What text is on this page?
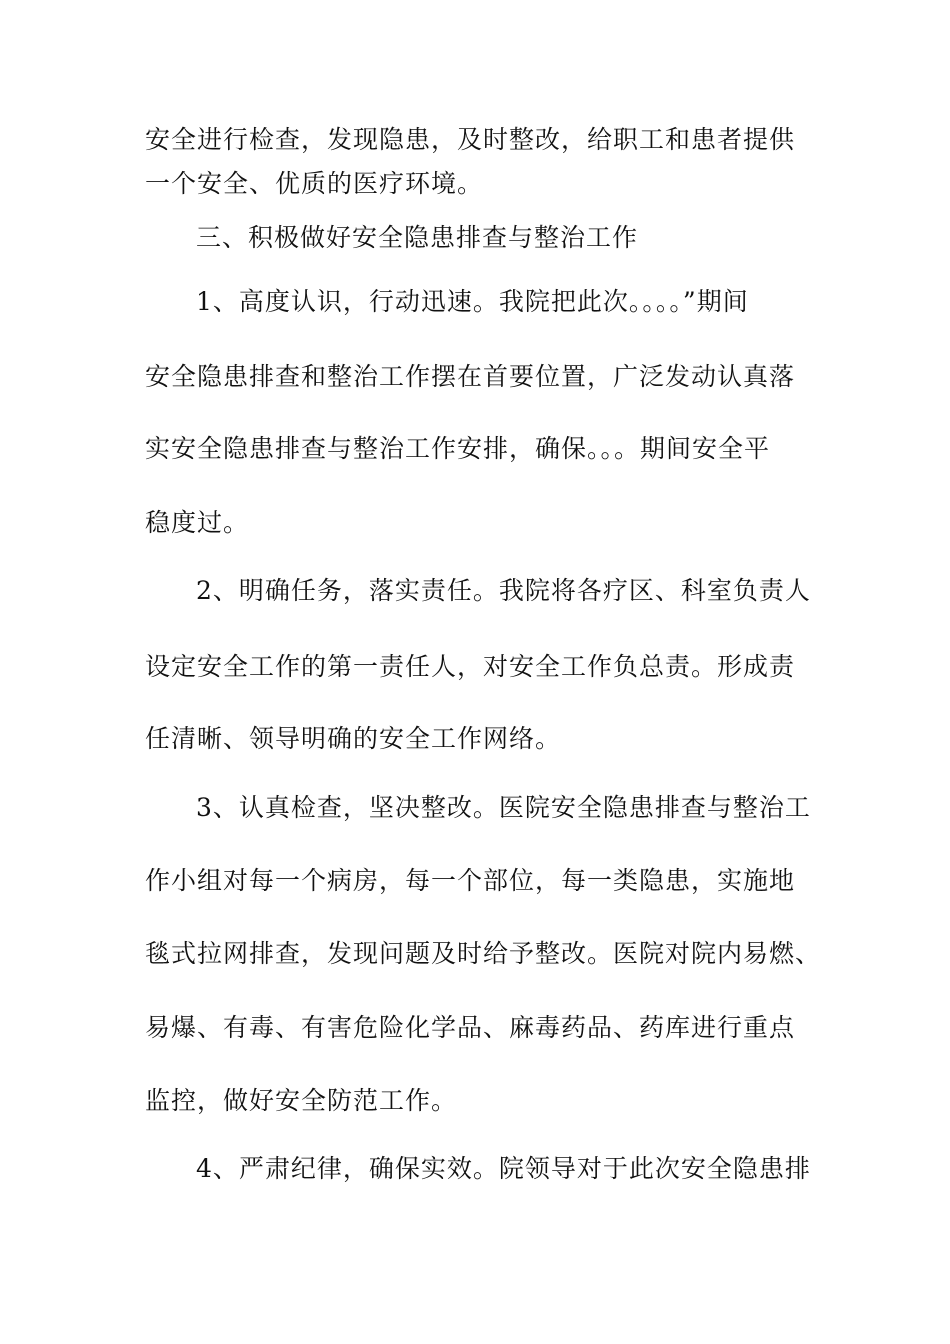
安全进行检查，发现隐患，及时整改，给职工和患者提供

一个安全、优质的医疗环境。

三、积极做好安全隐患排查与整治工作

1、高度认识，行动迅速。我院把此次。。。。”期间

安全隐患排查和整治工作摆在首要位置，广泛发动认真落

实安全隐患排查与整治工作安排，确保。。。期间安全平

稳度过。

2、明确任务，落实责任。我院将各疗区、科室负责人

设定安全工作的第一责任人，对安全工作负总责。形成责

任清晰、领导明确的安全工作网络。

3、认真检查，坚决整改。医院安全隐患排查与整治工

作小组对每一个病房，每一个部位，每一类隐患，实施地

毯式拉网排查，发现问题及时给予整改。医院对院内易燃、

易爆、有毒、有害危险化学品、麻毒药品、药库进行重点

监控，做好安全防范工作。

4、严肃纪律，确保实效。院领导对于此次安全隐患排
